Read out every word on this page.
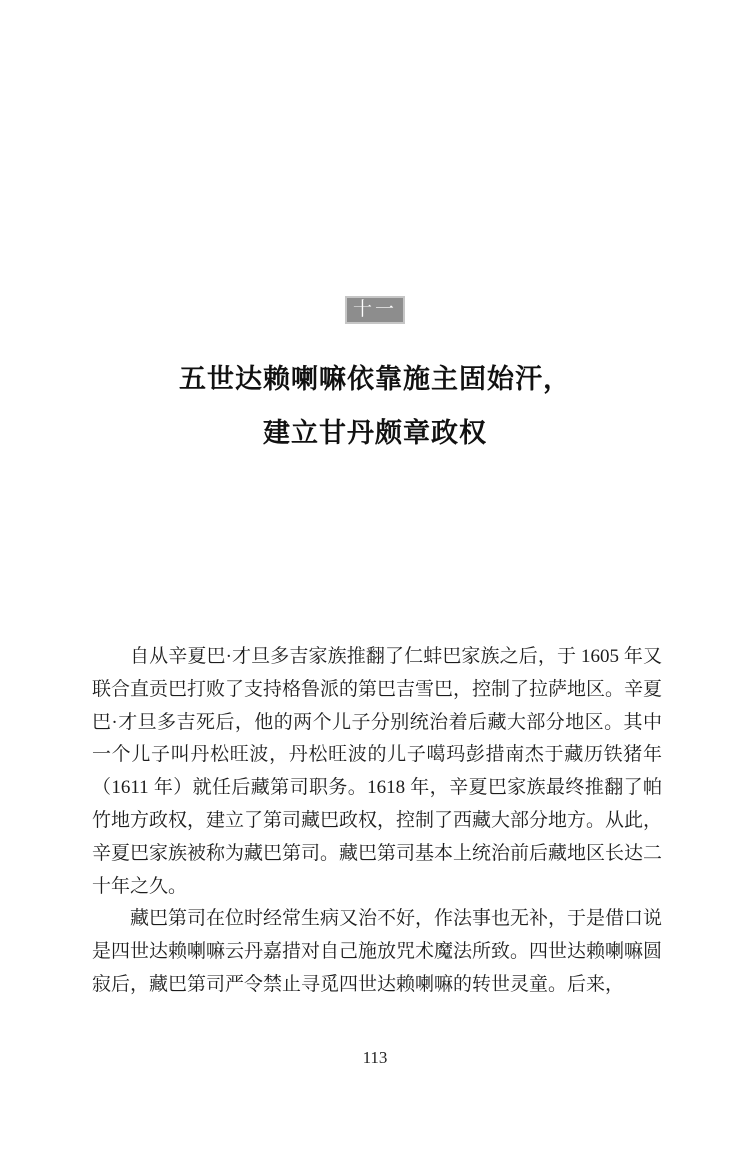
十一
五世达赖喇嘛依靠施主固始汗，
建立甘丹颇章政权

自从辛夏巴·才旦多吉家族推翻了仁蚌巴家族之后，于 1605 年又联合直贡巴打败了支持格鲁派的第巴吉雪巴，控制了拉萨地区。辛夏巴·才旦多吉死后，他的两个儿子分别统治着后藏大部分地区。其中一个儿子叫丹松旺波，丹松旺波的儿子噶玛彭措南杰于藏历铁猪年（1611 年）就任后藏第司职务。1618 年，辛夏巴家族最终推翻了帕竹地方政权，建立了第司藏巴政权，控制了西藏大部分地方。从此，辛夏巴家族被称为藏巴第司。藏巴第司基本上统治前后藏地区长达二十年之久。

藏巴第司在位时经常生病又治不好，作法事也无补，于是借口说是四世达赖喇嘛云丹嘉措对自己施放咒术魔法所致。四世达赖喇嘛圆寂后，藏巴第司严令禁止寻觅四世达赖喇嘛的转世灵童。后来，

113
